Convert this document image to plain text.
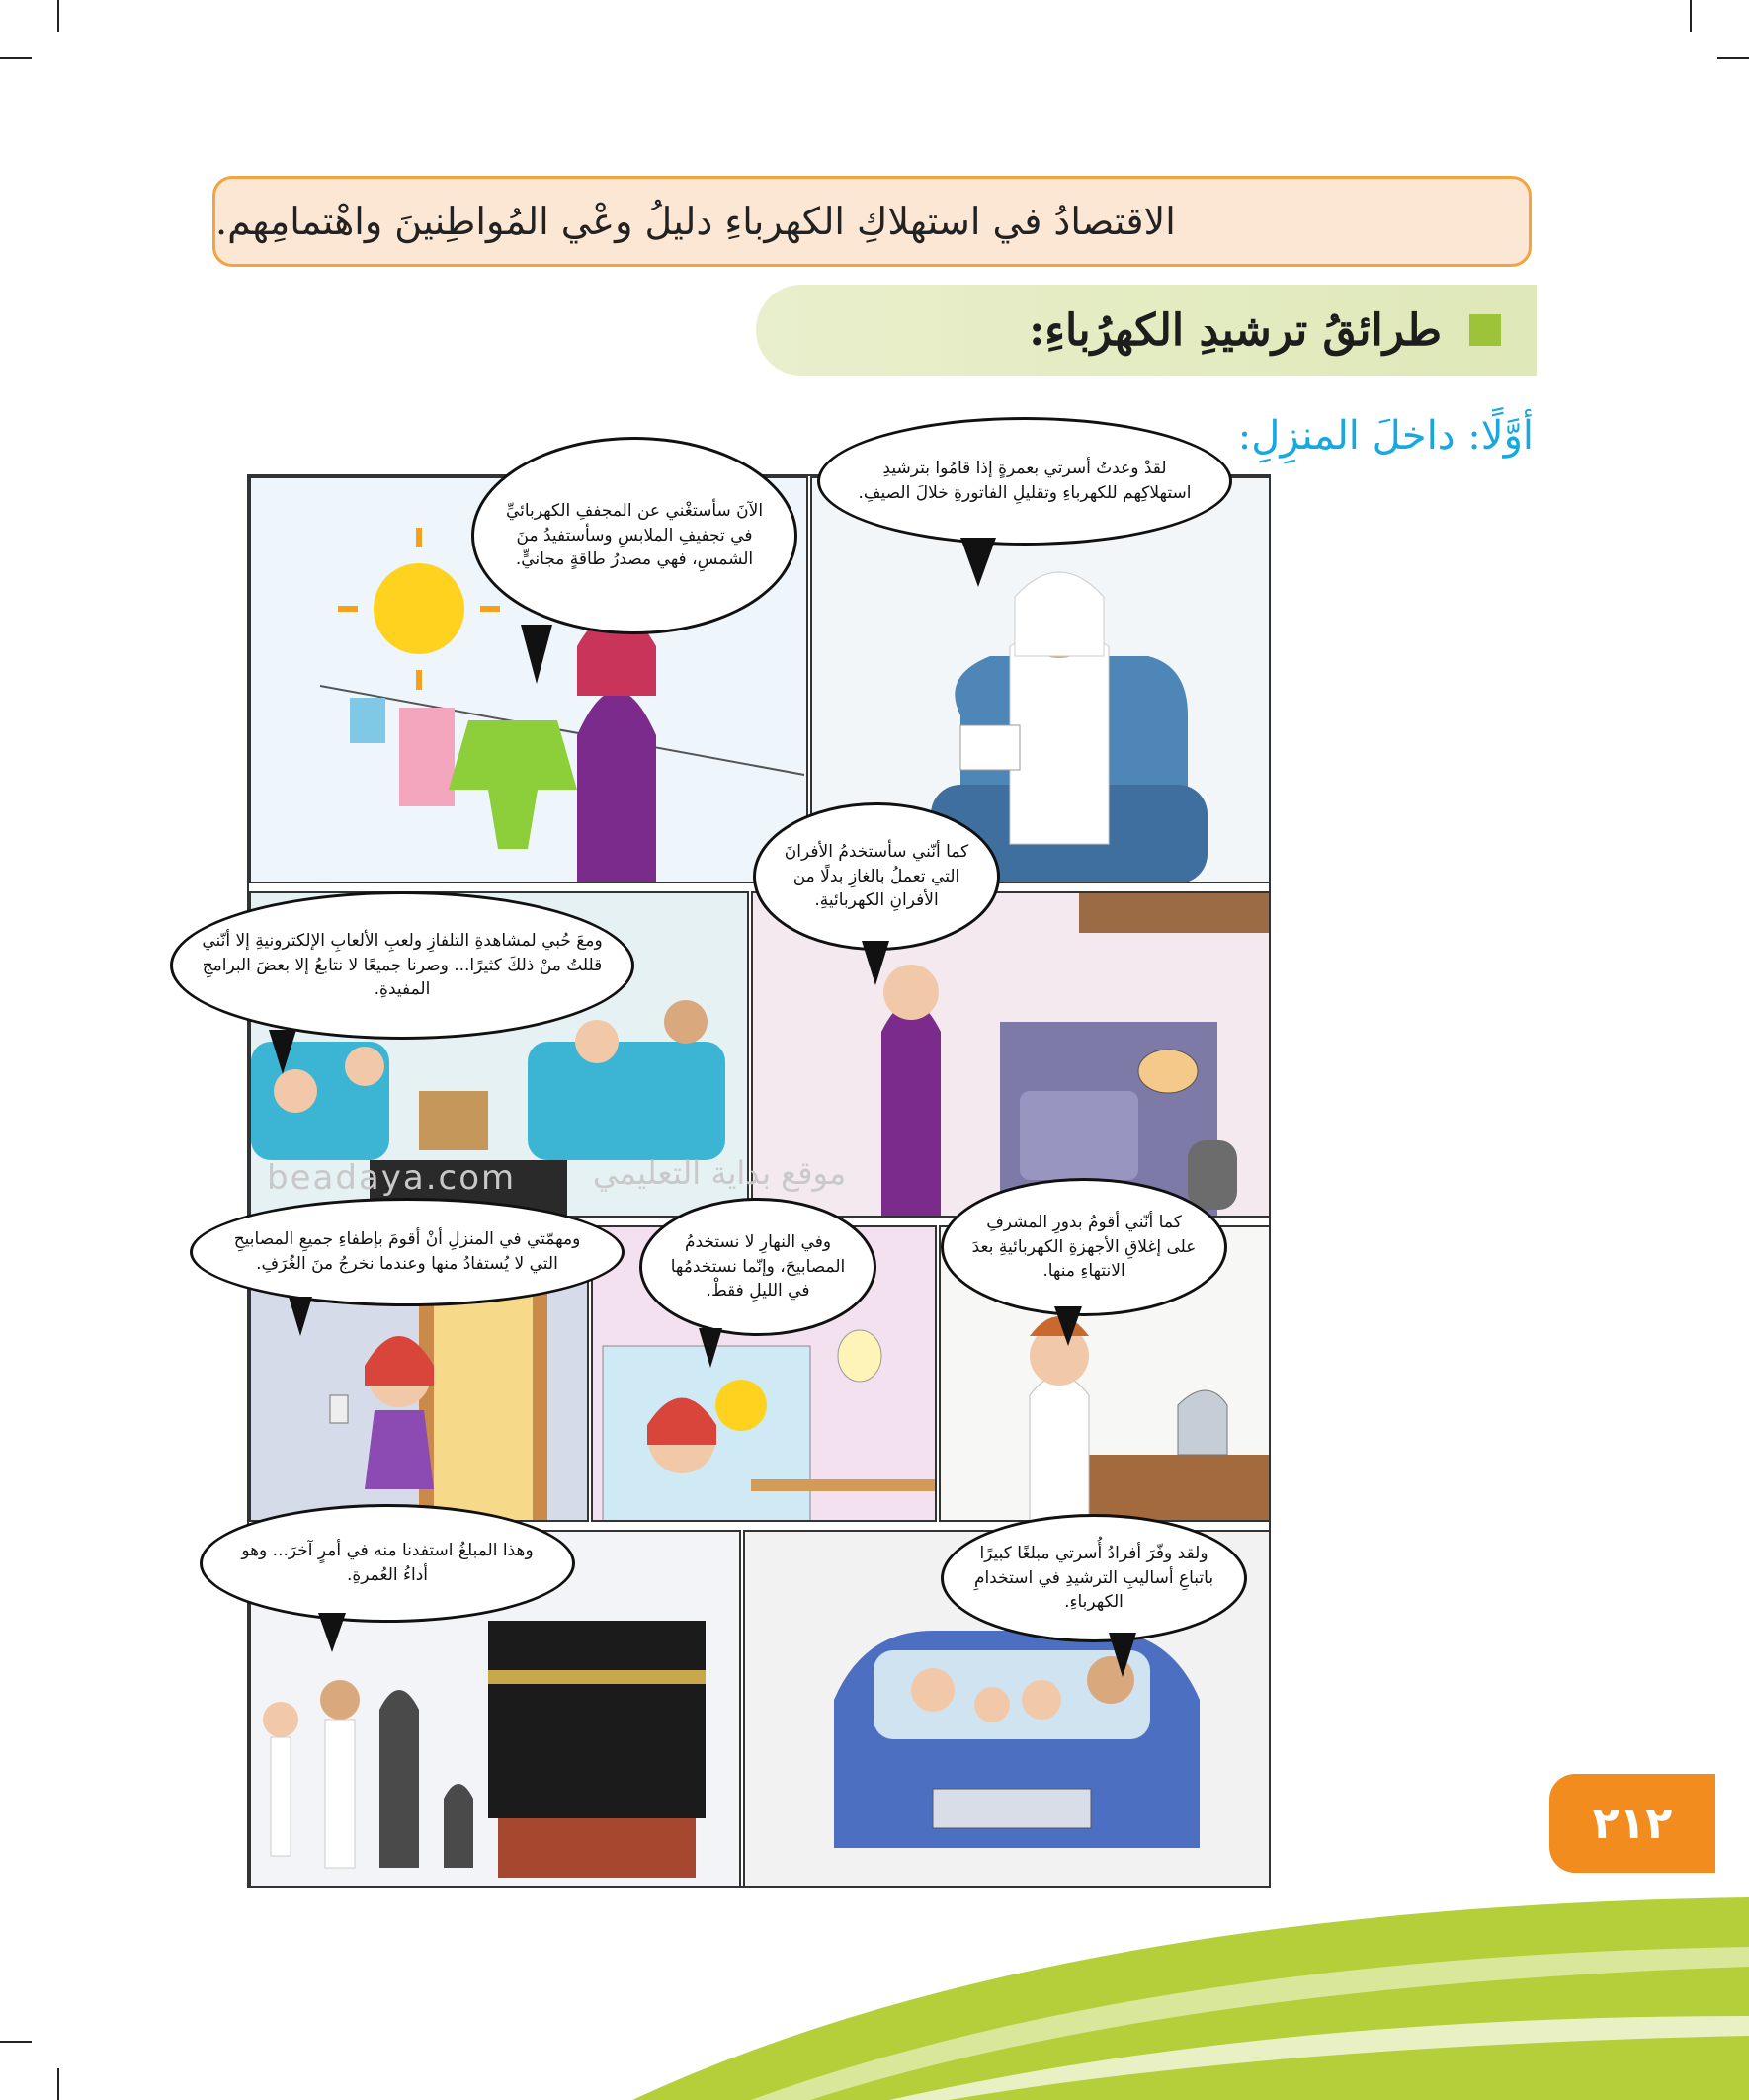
الاقتصادُ في استهلاكِ الكهرباءِ دليلُ وعْي المُواطِنينَ واهْتمامِهم.
طرائقُ ترشيدِ الكهرُباءِ:
أوَّلًا: داخلَ المنزِلِ:
لقدْ وعدتُ أسرتي بعمرةٍ إذا قامُوا بترشيدِ استهلاكِهم للكهرباءِ وتقليلِ الفاتورةِ خلالَ الصيفِ.
الآنَ سأستغْني عن المجففِ الكهربائيِّ في تجفيفِ الملابسِ وسأستفيدُ منَ الشمسِ، فهي مصدرُ طاقةٍ مجانيٍّ.
كما أنّني سأستخدمُ الأفرانَ التي تعملُ بالغازِ بدلًا من الأفرانِ الكهربائيةِ.
ومعَ حُبي لمشاهدةِ التلفازِ ولعبِ الألعابِ الإلكترونيةِ إلا أنّني قللتُ منْ ذلكَ كثيرًا... وصرنا جميعًا لا نتابعُ إلا بعضَ البرامجِ المفيدةِ.
كما أنّني أقومُ بدورِ المشرفِ على إغلاقِ الأجهزةِ الكهربائيةِ بعدَ الانتهاءِ منها.
وفي النهارِ لا نستخدمُ المصابيحَ، وإنّما نستخدمُها في الليلِ فقطْ.
ومهمّتي في المنزلِ أنْ أقومَ بإطفاءِ جميعِ المصابيحِ التي لا يُستفادُ منها وعندما نخرجُ منَ الغُرَفِ.
ولقد وفّرَ أفرادُ أُسرتي مبلغًا كبيرًا باتباعِ أساليبِ الترشيدِ في استخدامِ الكهرباءِ.
وهذا المبلغُ استفدنا منه في أمرٍ آخرَ... وهو أداءُ العُمرةِ.
beadaya.com موقع بداية التعليمي
٢١٢
